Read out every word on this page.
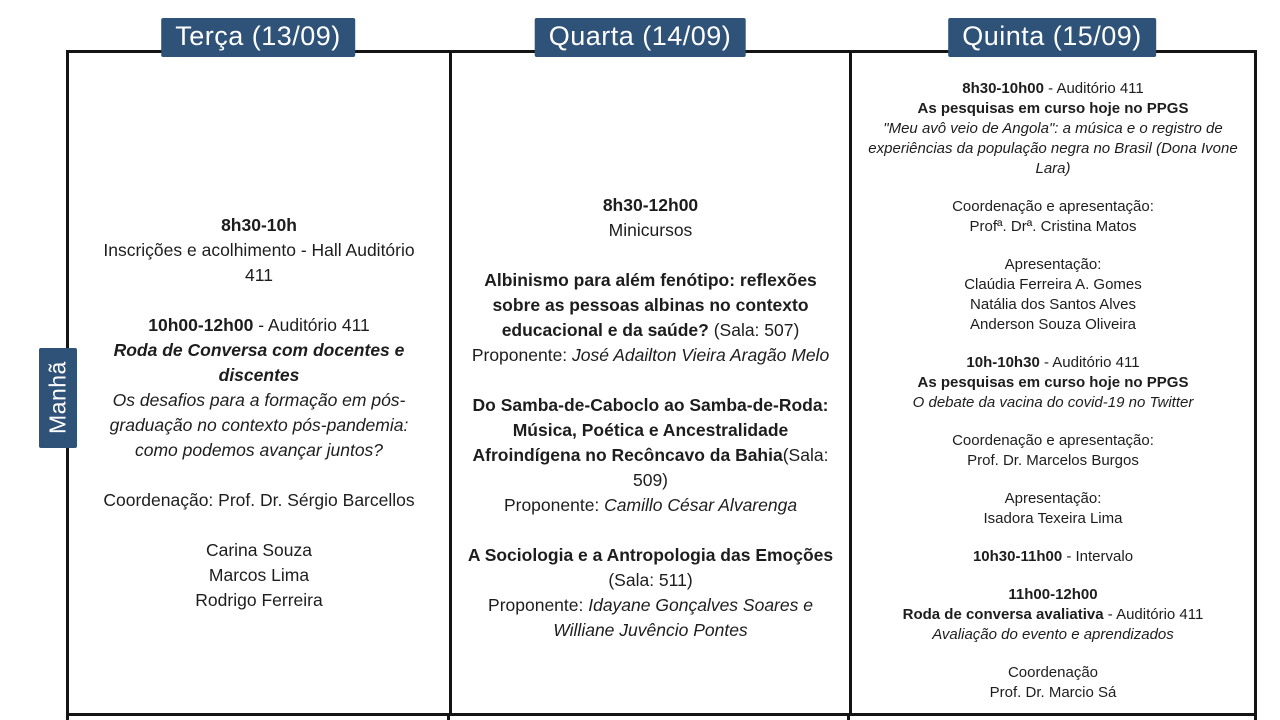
8h30-10h
Inscrições e acolhimento - Hall Auditório 411
10h00-12h00 - Auditório 411
Roda de Conversa com docentes e discentes
Os desafios para a formação em pós-graduação no contexto pós-pandemia: como podemos avançar juntos?
Coordenação: Prof. Dr. Sérgio Barcellos
Carina Souza
Marcos Lima
Rodrigo Ferreira
8h30-12h00
Minicursos
Albinismo para além fenótipo: reflexões sobre as pessoas albinas no contexto educacional e da saúde? (Sala: 507)
Proponente: José Adailton Vieira Aragão Melo
Do Samba-de-Caboclo ao Samba-de-Roda: Música, Poética e Ancestralidade Afroindígena no Recôncavo da Bahia(Sala: 509)
Proponente: Camillo César Alvarenga
A Sociologia e a Antropologia das Emoções
(Sala: 511)
Proponente: Idayane Gonçalves Soares e Williane Juvêncio Pontes
8h30-10h00 - Auditório 411
As pesquisas em curso hoje no PPGS
"Meu avô veio de Angola": a música e o registro de experiências da população negra no Brasil (Dona Ivone Lara)
Coordenação e apresentação:
Profª. Drª. Cristina Matos
Apresentação:
Claúdia Ferreira A. Gomes
Natália dos Santos Alves
Anderson Souza Oliveira
10h-10h30 - Auditório 411
As pesquisas em curso hoje no PPGS
O debate da vacina do covid-19 no Twitter
Coordenação e apresentação:
Prof. Dr. Marcelos Burgos
Apresentação:
Isadora Texeira Lima
10h30-11h00 - Intervalo
11h00-12h00
Roda de conversa avaliativa - Auditório 411
Avaliação do evento e aprendizados
Coordenação
Prof. Dr. Marcio Sá
Terça (13/09)	Quarta (14/09)	Quinta (15/09)
Manhã
